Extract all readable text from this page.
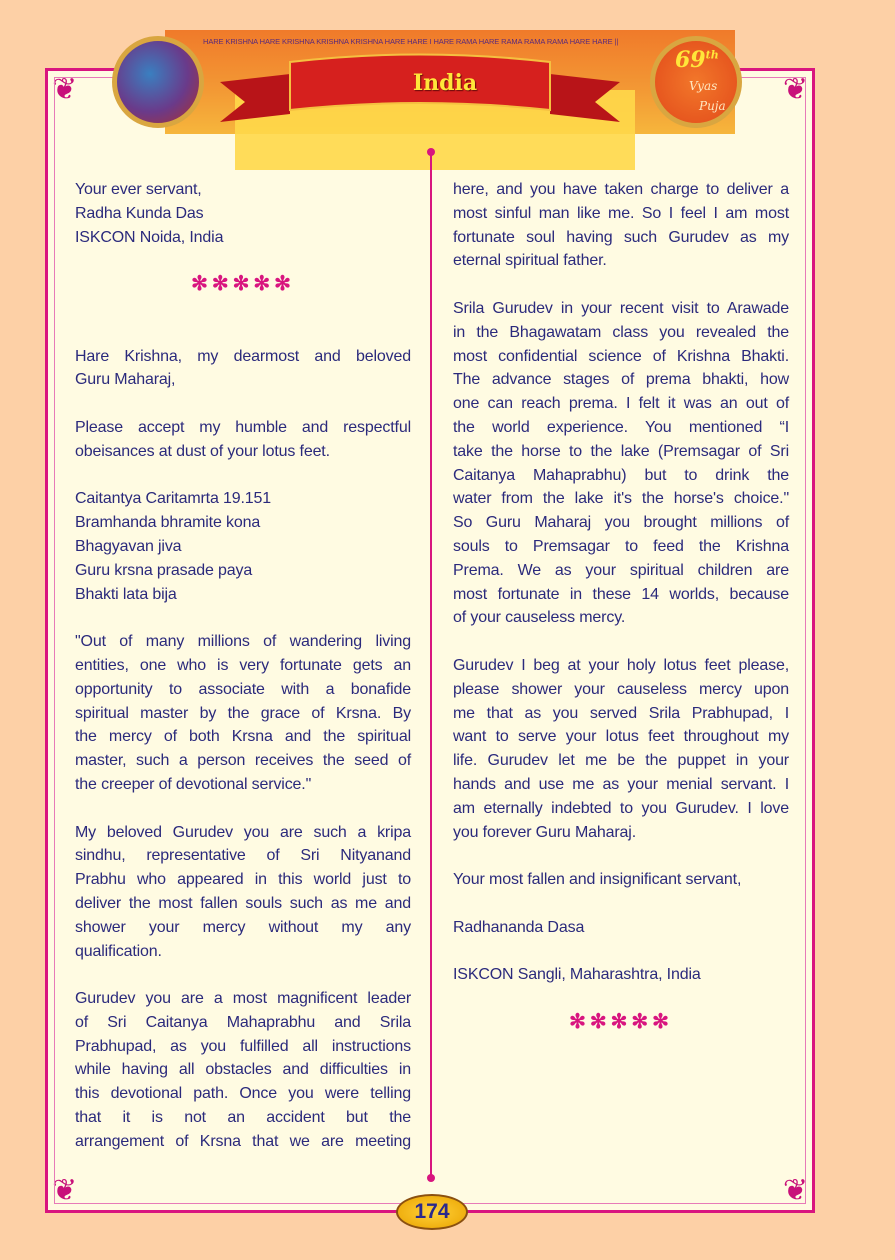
❦	❦
❦	❦
HARE KRISHNA HARE KRISHNA KRISHNA KRISHNA HARE HARE I HARE RAMA HARE RAMA RAMA RAMA HARE HARE ||
India
69th
Vyas
Puja
Your ever servant,
Radha Kunda Das
ISKCON Noida, India
✻✻✻✻✻
Hare Krishna, my dearmost and beloved
Guru Maharaj,
Please accept my humble and respectful
obeisances at dust of your lotus feet.
Caitantya Caritamrta 19.151
Bramhanda bhramite kona
Bhagyavan jiva
Guru krsna prasade paya
Bhakti lata bija
"Out of many millions of wandering living
entities, one who is very fortunate gets an
opportunity to associate with a bonafide
spiritual master by the grace of Krsna. By
the mercy of both Krsna and the spiritual
master, such a person receives the seed of
the creeper of devotional service."
My beloved Gurudev you are such a kripa
sindhu, representative of Sri Nityanand
Prabhu who appeared in this world just to
deliver the most fallen souls such as me and
shower your mercy without my any
qualification.
Gurudev you are a most magnificent leader
of Sri Caitanya Mahaprabhu and Srila
Prabhupad, as you fulfilled all instructions
while having all obstacles and difficulties in
this devotional path. Once you were telling
that it is not an accident but the
arrangement of Krsna that we are meeting
here, and you have taken charge to deliver a
most sinful man like me. So I feel I am most
fortunate soul having such Gurudev as my
eternal spiritual father.
Srila Gurudev in your recent visit to Arawade
in the Bhagawatam class you revealed the
most confidential science of Krishna Bhakti.
The advance stages of prema bhakti, how
one can reach prema. I felt it was an out of
the world experience. You mentioned “I
take the horse to the lake (Premsagar of Sri
Caitanya Mahaprabhu) but to drink the
water from the lake it's the horse's choice."
So Guru Maharaj you brought millions of
souls to Premsagar to feed the Krishna
Prema. We as your spiritual children are
most fortunate in these 14 worlds, because
of your causeless mercy.
Gurudev I beg at your holy lotus feet please,
please shower your causeless mercy upon
me that as you served Srila Prabhupad, I
want to serve your lotus feet throughout my
life. Gurudev let me be the puppet in your
hands and use me as your menial servant. I
am eternally indebted to you Gurudev. I love
you forever Guru Maharaj.
Your most fallen and insignificant servant,
Radhananda Dasa
ISKCON Sangli, Maharashtra, India
✻✻✻✻✻
174
